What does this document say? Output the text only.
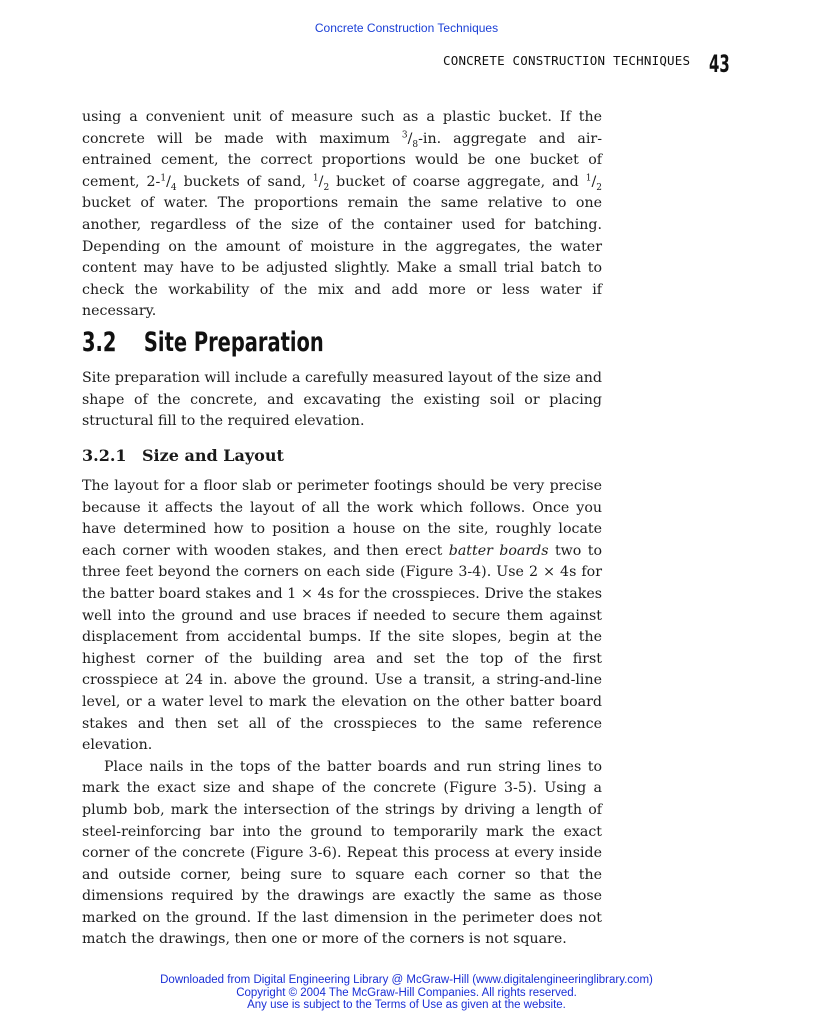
Concrete Construction Techniques
CONCRETE CONSTRUCTION TECHNIQUES 43

using a convenient unit of measure such as a plastic bucket. If the concrete will be made with maximum $^3/_8-in$. aggregate and air-entrained cement, the correct proportions would be one bucket of cement, $2-^1/_4$ buckets of sand, $^1/_2$ bucket of coarse aggregate, and $^1/_2$ bucket of water. The proportions remain the same relative to one another, regardless of the size of the container used for batching. Depending on the amount of moisture in the aggregates, the water content may have to be adjusted slightly. Make a small trial batch to check the workability of the mix and add more or less water if necessary.

3.2 Site Preparation

Site preparation will include a carefully measured layout of the size and shape of the concrete, and excavating the existing soil or placing structural fill to the required elevation.

3.2.1 Size and Layout

The layout for a floor slab or perimeter footings should be very precise because it affects the layout of all the work which follows. Once you have determined how to position a house on the site, roughly locate each corner with wooden stakes, and then erect batter boards two to three feet beyond the corners on each side (Figure 3-4). Use 2 × 4s for the batter board stakes and 1 × 4s for the crosspieces. Drive the stakes well into the ground and use braces if needed to secure them against displacement from accidental bumps. If the site slopes, begin at the highest corner of the building area and set the top of the first crosspiece at 24 in. above the ground. Use a transit, a string-and-line level, or a water level to mark the elevation on the other batter board stakes and then set all of the crosspieces to the same reference elevation.

Place nails in the tops of the batter boards and run string lines to mark the exact size and shape of the concrete (Figure 3-5). Using a plumb bob, mark the intersection of the strings by driving a length of steel-reinforcing bar into the ground to temporarily mark the exact corner of the concrete (Figure 3-6). Repeat this process at every inside and outside corner, being sure to square each corner so that the dimensions required by the drawings are exactly the same as those marked on the ground. If the last dimension in the perimeter does not match the drawings, then one or more of the corners is not square.

Downloaded from Digital Engineering Library @ McGraw-Hill (www.digitalengineeringlibrary.com)
Copyright © 2004 The McGraw-Hill Companies. All rights reserved.
Any use is subject to the Terms of Use as given at the website.
